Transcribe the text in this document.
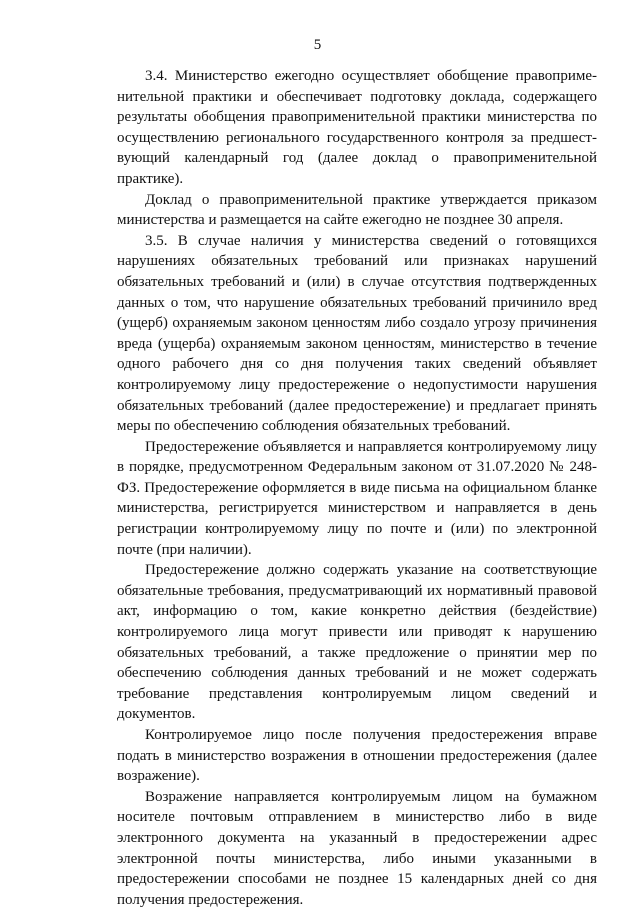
5

3.4. Министерство ежегодно осуществляет обобщение правоприменительной практики и обеспечивает подготовку доклада, содержащего результаты обобщения правоприменительной практики министерства по осуществлению регионального государственного контроля за предшествующий календарный год (далее доклад о правоприменительной практике).

Доклад о правоприменительной практике утверждается приказом министерства и размещается на сайте ежегодно не позднее 30 апреля.

3.5. В случае наличия у министерства сведений о готовящихся нарушениях обязательных требований или признаках нарушений обязательных требований и (или) в случае отсутствия подтвержденных данных о том, что нарушение обязательных требований причинило вред (ущерб) охраняемым законом ценностям либо создало угрозу причинения вреда (ущерба) охраняемым законом ценностям, министерство в течение одного рабочего дня со дня получения таких сведений объявляет контролируемому лицу предостережение о недопустимости нарушения обязательных требований (далее предостережение) и предлагает принять меры по обеспечению соблюдения обязательных требований.

Предостережение объявляется и направляется контролируемому лицу в порядке, предусмотренном Федеральным законом от 31.07.2020 № 248-ФЗ. Предостережение оформляется в виде письма на официальном бланке министерства, регистрируется министерством и направляется в день регистрации контролируемому лицу по почте и (или) по электронной почте (при наличии).

Предостережение должно содержать указание на соответствующие обязательные требования, предусматривающий их нормативный правовой акт, информацию о том, какие конкретно действия (бездействие) контролируемого лица могут привести или приводят к нарушению обязательных требований, а также предложение о принятии мер по обеспечению соблюдения данных требований и не может содержать требование представления контролируемым лицом сведений и документов.

Контролируемое лицо после получения предостережения вправе подать в министерство возражения в отношении предостережения (далее возражение).

Возражение направляется контролируемым лицом на бумажном носителе почтовым отправлением в министерство либо в виде электронного документа на указанный в предостережении адрес электронной почты министерства, либо иными указанными в предостережении способами не позднее 15 календарных дней со дня получения предостережения.
